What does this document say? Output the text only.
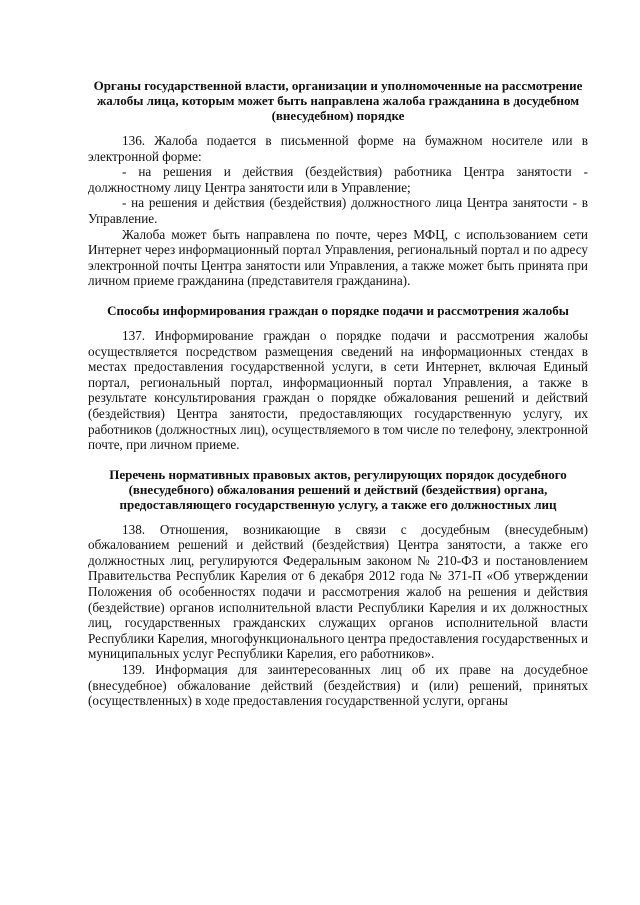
Органы государственной власти, организации и уполномоченные на рассмотрение жалобы лица, которым может быть направлена жалоба гражданина в досудебном (внесудебном) порядке

136. Жалоба подается в письменной форме на бумажном носителе или в электронной форме:

- на решения и действия (бездействия) работника Центра занятости - должностному лицу Центра занятости или в Управление;

- на решения и действия (бездействия) должностного лица Центра занятости - в Управление.

Жалоба может быть направлена по почте, через МФЦ, с использованием сети Интернет через информационный портал Управления, региональный портал и по адресу электронной почты Центра занятости или Управления, а также может быть принята при личном приеме гражданина (представителя гражданина).

Способы информирования граждан о порядке подачи и рассмотрения жалобы

137. Информирование граждан о порядке подачи и рассмотрения жалобы осуществляется посредством размещения сведений на информационных стендах в местах предоставления государственной услуги, в сети Интернет, включая Единый портал, региональный портал, информационный портал Управления, а также в результате консультирования граждан о порядке обжалования решений и действий (бездействия) Центра занятости, предоставляющих государственную услугу, их работников (должностных лиц), осуществляемого в том числе по телефону, электронной почте, при личном приеме.

Перечень нормативных правовых актов, регулирующих порядок досудебного (внесудебного) обжалования решений и действий (бездействия) органа, предоставляющего государственную услугу, а также его должностных лиц

138. Отношения, возникающие в связи с досудебным (внесудебным) обжалованием решений и действий (бездействия) Центра занятости, а также его должностных лиц, регулируются Федеральным законом № 210-ФЗ и постановлением Правительства Республик Карелия от 6 декабря 2012 года № 371-П «Об утверждении Положения об особенностях подачи и рассмотрения жалоб на решения и действия (бездействие) органов исполнительной власти Республики Карелия и их должностных лиц, государственных гражданских служащих органов исполнительной власти Республики Карелия, многофункционального центра предоставления государственных и муниципальных услуг Республики Карелия, его работников».

139. Информация для заинтересованных лиц об их праве на досудебное (внесудебное) обжалование действий (бездействия) и (или) решений, принятых (осуществленных) в ходе предоставления государственной услуги, органы
